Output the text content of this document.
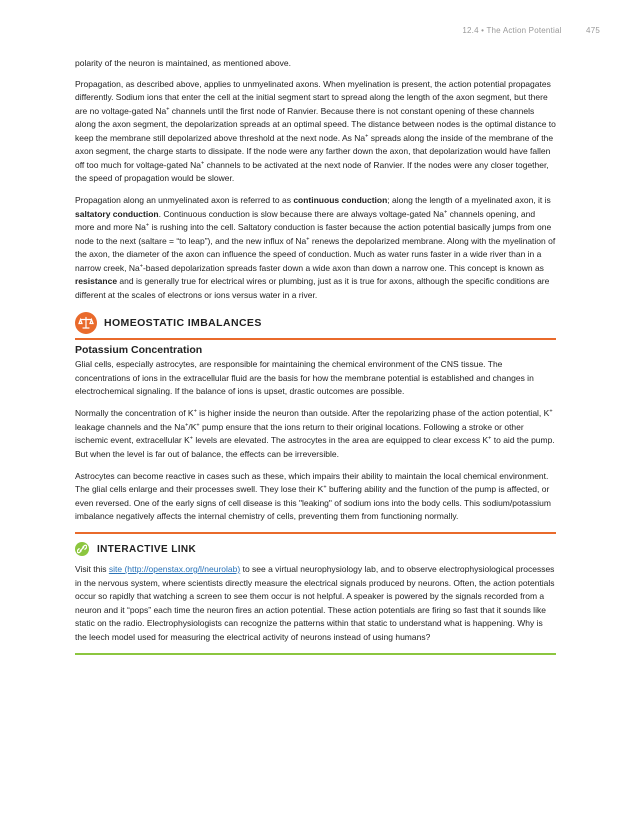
12.4 • The Action Potential	475

polarity of the neuron is maintained, as mentioned above.

Propagation, as described above, applies to unmyelinated axons. When myelination is present, the action potential propagates differently. Sodium ions that enter the cell at the initial segment start to spread along the length of the axon segment, but there are no voltage-gated Na+ channels until the first node of Ranvier. Because there is not constant opening of these channels along the axon segment, the depolarization spreads at an optimal speed. The distance between nodes is the optimal distance to keep the membrane still depolarized above threshold at the next node. As Na+ spreads along the inside of the membrane of the axon segment, the charge starts to dissipate. If the node were any farther down the axon, that depolarization would have fallen off too much for voltage-gated Na+ channels to be activated at the next node of Ranvier. If the nodes were any closer together, the speed of propagation would be slower.

Propagation along an unmyelinated axon is referred to as continuous conduction; along the length of a myelinated axon, it is saltatory conduction. Continuous conduction is slow because there are always voltage-gated Na+ channels opening, and more and more Na+ is rushing into the cell. Saltatory conduction is faster because the action potential basically jumps from one node to the next (saltare = “to leap”), and the new influx of Na+ renews the depolarized membrane. Along with the myelination of the axon, the diameter of the axon can influence the speed of conduction. Much as water runs faster in a wide river than in a narrow creek, Na+-based depolarization spreads faster down a wide axon than down a narrow one. This concept is known as resistance and is generally true for electrical wires or plumbing, just as it is true for axons, although the specific conditions are different at the scales of electrons or ions versus water in a river.

HOMEOSTATIC IMBALANCES
Potassium Concentration

Glial cells, especially astrocytes, are responsible for maintaining the chemical environment of the CNS tissue. The concentrations of ions in the extracellular fluid are the basis for how the membrane potential is established and changes in electrochemical signaling. If the balance of ions is upset, drastic outcomes are possible.

Normally the concentration of K+ is higher inside the neuron than outside. After the repolarizing phase of the action potential, K+ leakage channels and the Na+/K+ pump ensure that the ions return to their original locations. Following a stroke or other ischemic event, extracellular K+ levels are elevated. The astrocytes in the area are equipped to clear excess K+ to aid the pump. But when the level is far out of balance, the effects can be irreversible.

Astrocytes can become reactive in cases such as these, which impairs their ability to maintain the local chemical environment. The glial cells enlarge and their processes swell. They lose their K+ buffering ability and the function of the pump is affected, or even reversed. One of the early signs of cell disease is this "leaking" of sodium ions into the body cells. This sodium/potassium imbalance negatively affects the internal chemistry of cells, preventing them from functioning normally.

INTERACTIVE LINK

Visit this site (http://openstax.org/l/neurolab) to see a virtual neurophysiology lab, and to observe electrophysiological processes in the nervous system, where scientists directly measure the electrical signals produced by neurons. Often, the action potentials occur so rapidly that watching a screen to see them occur is not helpful. A speaker is powered by the signals recorded from a neuron and it “pops” each time the neuron fires an action potential. These action potentials are firing so fast that it sounds like static on the radio. Electrophysiologists can recognize the patterns within that static to understand what is happening. Why is the leech model used for measuring the electrical activity of neurons instead of using humans?
